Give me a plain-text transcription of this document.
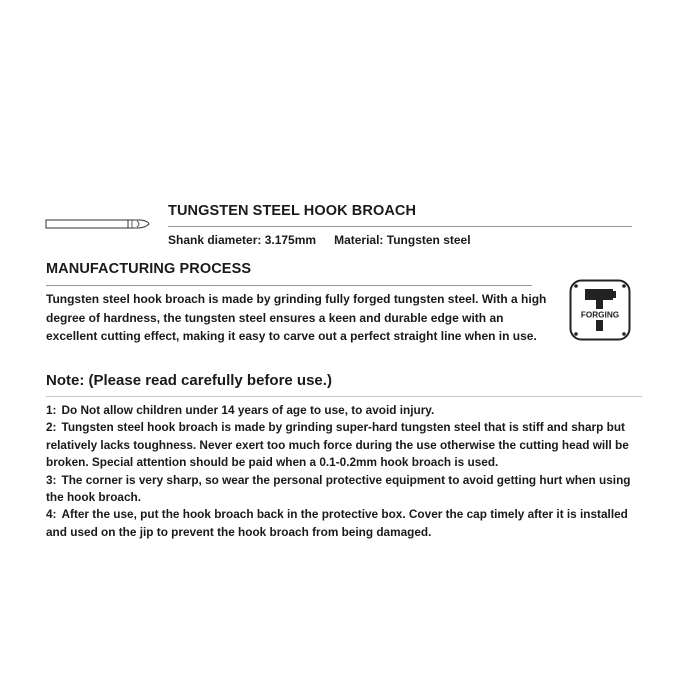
TUNGSTEN STEEL HOOK BROACH
Shank diameter: 3.175mm Material: Tungsten steel
MANUFACTURING PROCESS
Tungsten steel hook broach is made by grinding fully forged tungsten steel. With a high degree of hardness, the tungsten steel ensures a keen and durable edge with an excellent cutting effect, making it easy to carve out a perfect straight line when in use.
FORGING
Note: (Please read carefully before use.)

1: Do Not allow children under 14 years of age to use, to avoid injury.

2: Tungsten steel hook broach is made by grinding super-hard tungsten steel that is stiff and sharp but relatively lacks toughness. Never exert too much force during the use otherwise the cutting head will be broken. Special attention should be paid when a 0.1-0.2mm hook broach is used.

3: The corner is very sharp, so wear the personal protective equipment to avoid getting hurt when using the hook broach.

4: After the use, put the hook broach back in the protective box. Cover the cap timely after it is installed and used on the jip to prevent the hook broach from being damaged.
